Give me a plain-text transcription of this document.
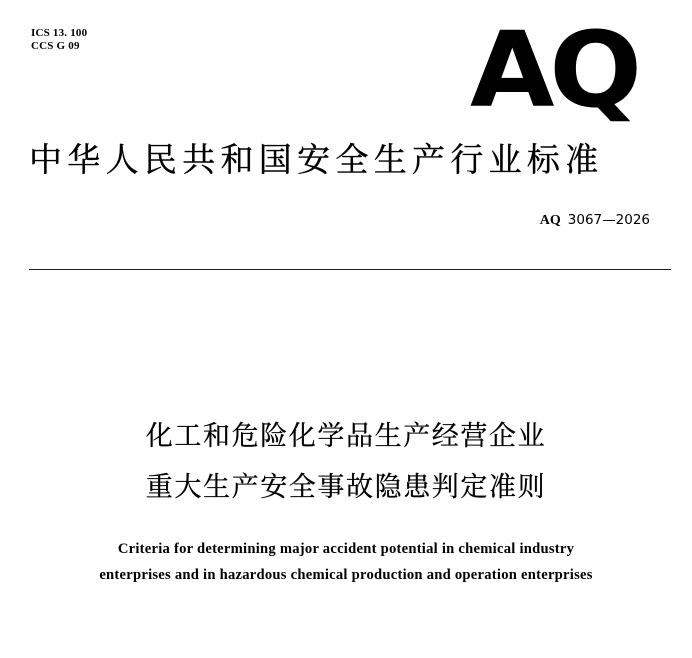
ICS 13. 100
CCS G 09	AQ
中华人民共和国安全生产行业标准
AQ 3067—2026
化工和危险化学品生产经营企业
重大生产安全事故隐患判定准则
Criteria for determining major accident potential in chemical industry
enterprises and in hazardous chemical production and operation enterprises
